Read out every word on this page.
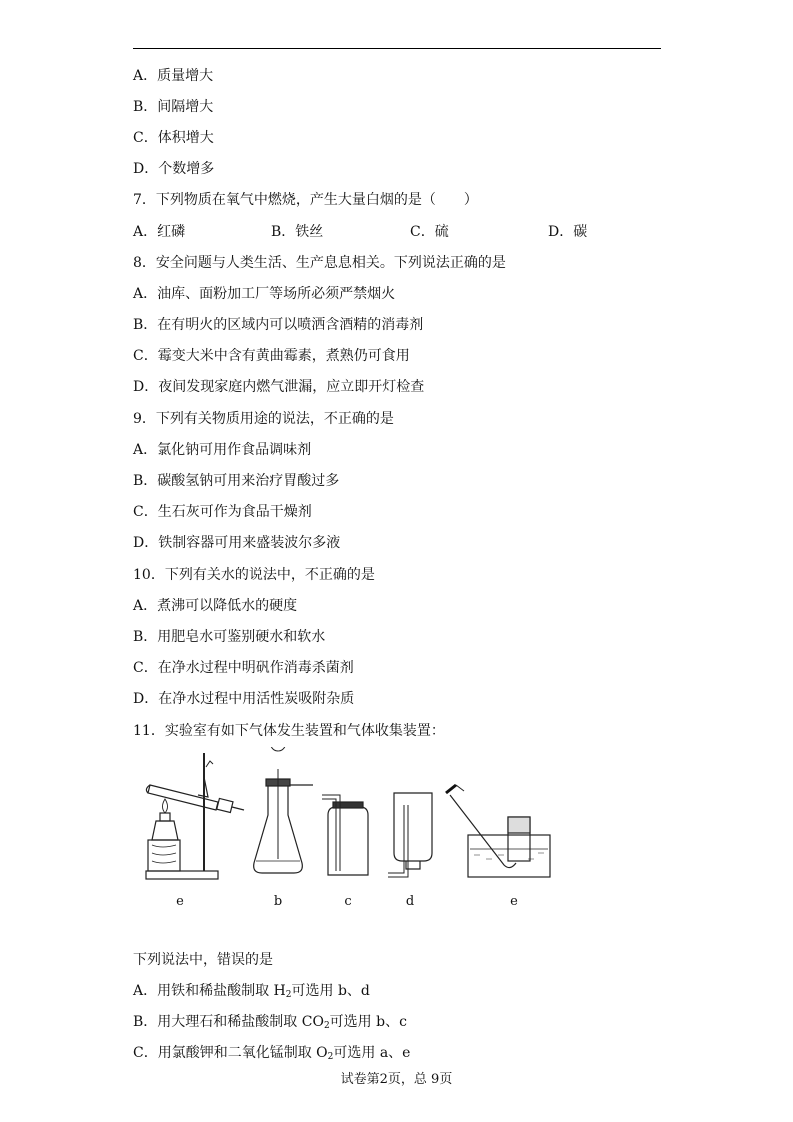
A．质量增大
B．间隔增大
C．体积增大
D．个数增多
7．下列物质在氧气中燃烧，产生大量白烟的是（　　）
A．红磷	B．铁丝	C．硫	D．碳
8．安全问题与人类生活、生产息息相关。下列说法正确的是
A．油库、面粉加工厂等场所必须严禁烟火
B．在有明火的区域内可以喷洒含酒精的消毒剂
C．霉变大米中含有黄曲霉素，煮熟仍可食用
D．夜间发现家庭内燃气泄漏，应立即开灯检查
9．下列有关物质用途的说法，不正确的是
A．氯化钠可用作食品调味剂
B．碳酸氢钠可用来治疗胃酸过多
C．生石灰可作为食品干燥剂
D．铁制容器可用来盛装波尔多液
10．下列有关水的说法中，不正确的是
A．煮沸可以降低水的硬度
B．用肥皂水可鉴别硬水和软水
C．在净水过程中明矾作消毒杀菌剂
D．在净水过程中用活性炭吸附杂质
11．实验室有如下气体发生装置和气体收集装置：
e	b	c	d	e
下列说法中，错误的是
A．用铁和稀盐酸制取 $H_2$可选用 b、d
B．用大理石和稀盐酸制取 $CO_2$可选用 b、c
C．用氯酸钾和二氧化锰制取 $O_2$可选用 a、e
试卷第2页，总 9页
